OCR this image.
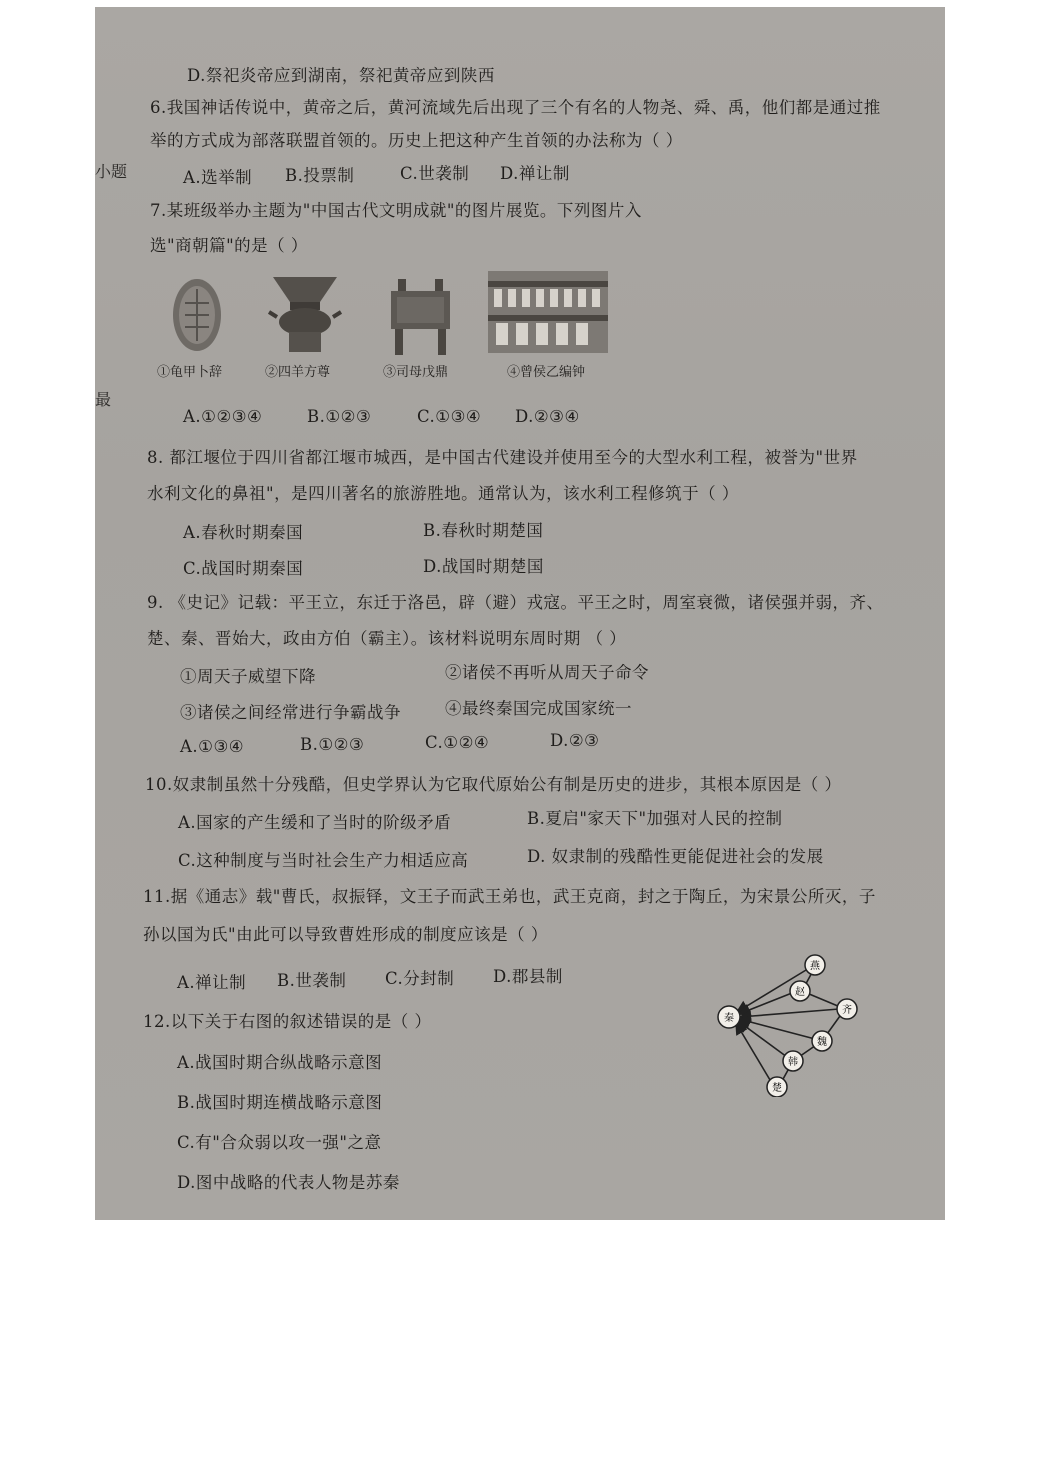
小题
最
D.祭祀炎帝应到湖南，祭祀黄帝应到陕西
6.我国神话传说中，黄帝之后，黄河流域先后出现了三个有名的人物尧、舜、禹，他们都是通过推
举的方式成为部落联盟首领的。历史上把这种产生首领的办法称为（ ）
A.选举制 B.投票制	C.世袭制 D.禅让制
7.某班级举办主题为"中国古代文明成就"的图片展览。下列图片入
选"商朝篇"的是（ ）
①龟甲卜辞	②四羊方尊	③司母戊鼎	④曾侯乙编钟
A.①②③④	B.①②③	C.①③④ D.②③④
8. 都江堰位于四川省都江堰市城西，是中国古代建设并使用至今的大型水利工程，被誉为"世界
水利文化的鼻祖"，是四川著名的旅游胜地。通常认为，该水利工程修筑于（ ）
A.春秋时期秦国	B.春秋时期楚国
C.战国时期秦国	D.战国时期楚国
9. 《史记》记载：平王立，东迁于洛邑，辟（避）戎寇。平王之时，周室衰微，诸侯强并弱，齐、
楚、秦、晋始大，政由方伯（霸主）。该材料说明东周时期 （ ）
①周天子威望下降	②诸侯不再听从周天子命令
③诸侯之间经常进行争霸战争	④最终秦国完成国家统一
A.①③④	B.①②③	C.①②④	D.②③
10.奴隶制虽然十分残酷，但史学界认为它取代原始公有制是历史的进步，其根本原因是（ ）
A.国家的产生缓和了当时的阶级矛盾	B.夏启"家天下"加强对人民的控制
C.这种制度与当时社会生产力相适应高	D. 奴隶制的残酷性更能促进社会的发展
11.据《通志》载"曹氏，叔振铎，文王子而武王弟也，武王克商，封之于陶丘，为宋景公所灭，子
孙以国为氏"由此可以导致曹姓形成的制度应该是（ ）
A.禅让制 B.世袭制 C.分封制 D.郡县制
12.以下关于右图的叙述错误的是（ ）
A.战国时期合纵战略示意图
B.战国时期连横战略示意图
C.有"合众弱以攻一强"之意
D.图中战略的代表人物是苏秦
燕
赵
齐
秦
魏
韩
楚
